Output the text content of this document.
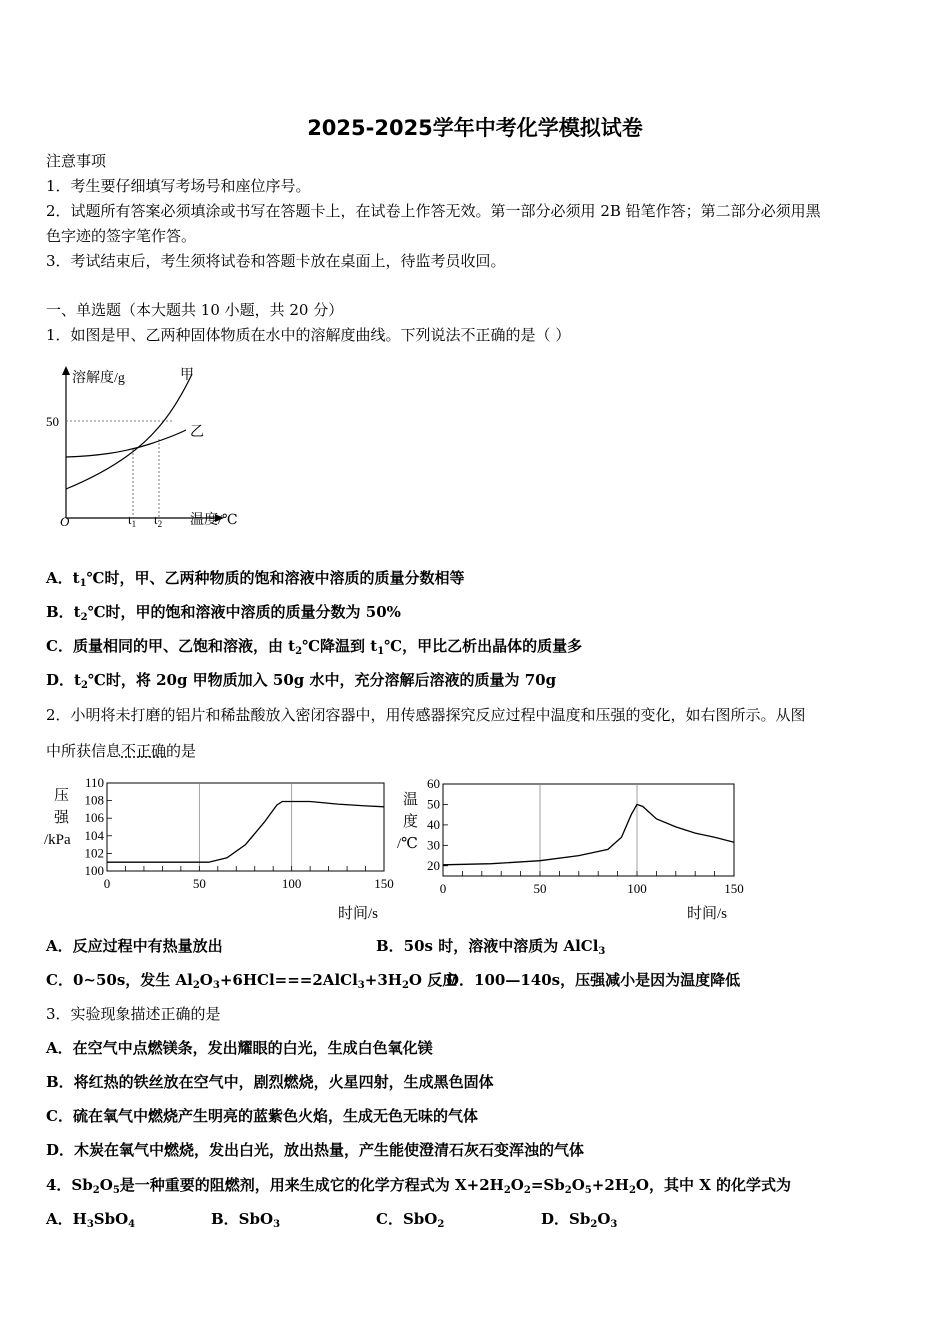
2025-2025学年中考化学模拟试卷
注意事项
1．考生要仔细填写考场号和座位序号。
2．试题所有答案必须填涂或书写在答题卡上，在试卷上作答无效。第一部分必须用 2B 铅笔作答；第二部分必须用黑
色字迹的签字笔作答。
3．考试结束后，考生须将试卷和答题卡放在桌面上，待监考员收回。
一、单选题（本大题共 10 小题，共 20 分）
1．如图是甲、乙两种固体物质在水中的溶解度曲线。下列说法不正确的是（ ）
溶解度/g
温度/℃
O
50
甲
乙
$t_1$ $t_2$
A．$t_1℃$时，甲、乙两种物质的饱和溶液中溶质的质量分数相等
B．$t_2℃$时，甲的饱和溶液中溶质的质量分数为 50%
C．质量相同的甲、乙饱和溶液，由 $t_2℃$降温到 $t_1℃$，甲比乙析出晶体的质量多
D．$t_2℃$时，将 20g 甲物质加入 50g 水中，充分溶解后溶液的质量为 70g
2．小明将未打磨的铝片和稀盐酸放入密闭容器中，用传感器探究反应过程中温度和压强的变化，如右图所示。从图
中所获信息不正确的是
压
强
/kPa
时间/s
110
108
106
104
102
100
0	50	100	150
温
度
/℃
时间/s
60
50
40
30
20
0	50	100	150
A．反应过程中有热量放出	B．50s 时，溶液中溶质为 AlCl$_3$
C．0~50s，发生 $Al_2O_3+6HCl===2AlCl_3+3H_2O$ 反应
D．100—140s，压强减小是因为温度降低
3．实验现象描述正确的是
A．在空气中点燃镁条，发出耀眼的白光，生成白色氧化镁
B．将红热的铁丝放在空气中，剧烈燃烧，火星四射，生成黑色固体
C．硫在氧气中燃烧产生明亮的蓝紫色火焰，生成无色无味的气体
D．木炭在氧气中燃烧，发出白光，放出热量，产生能使澄清石灰石变浑浊的气体
4．$Sb_2O_5$是一种重要的阻燃剂，用来生成它的化学方程式为 $X+2H_2O_2=Sb_2O_5+2H_2O$，其中 X 的化学式为
A．$H_3SbO_4$	B．SbO$_3$	C．SbO$_2$	D．$Sb_2O_3$
